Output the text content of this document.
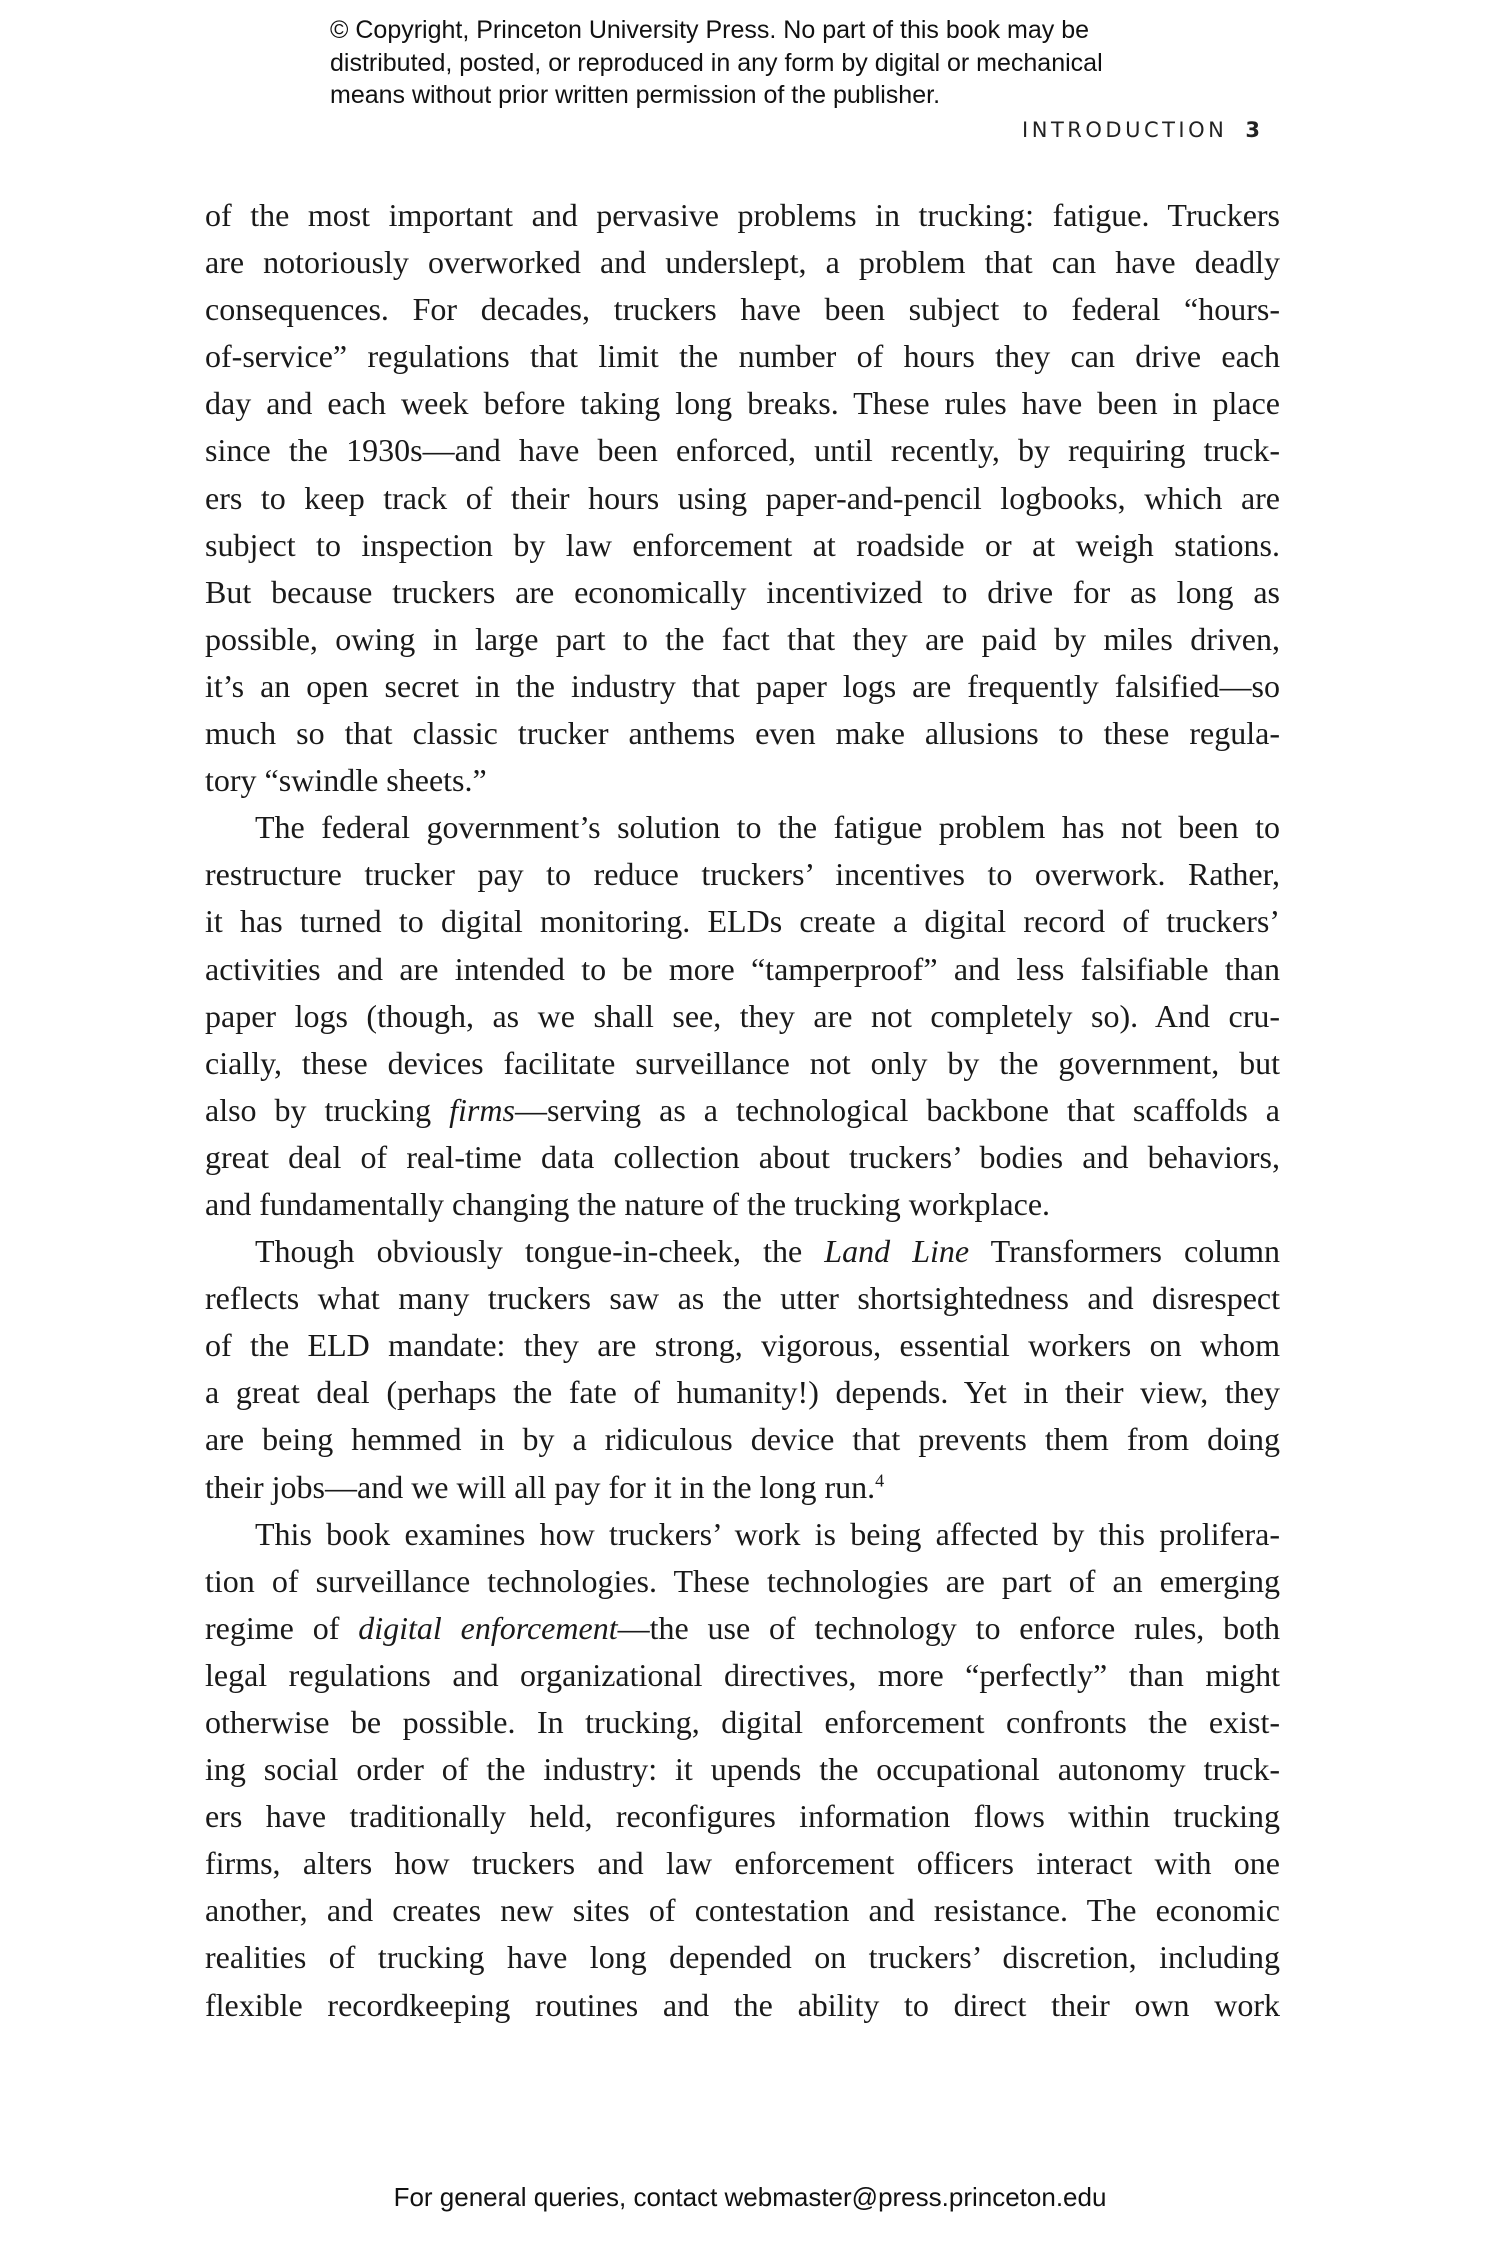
© Copyright, Princeton University Press. No part of this book may be
distributed, posted, or reproduced in any form by digital or mechanical
means without prior written permission of the publisher.
INTRODUCTION 3
of the most important and pervasive problems in trucking: fatigue. Truckers
are notoriously overworked and underslept, a problem that can have deadly
consequences. For decades, truckers have been subject to federal “hours-
of-service” regulations that limit the number of hours they can drive each
day and each week before taking long breaks. These rules have been in place
since the 1930s—and have been enforced, until recently, by requiring truck-
ers to keep track of their hours using paper-and-pencil logbooks, which are
subject to inspection by law enforcement at roadside or at weigh stations.
But because truckers are economically incentivized to drive for as long as
possible, owing in large part to the fact that they are paid by miles driven,
it’s an open secret in the industry that paper logs are frequently falsified—so
much so that classic trucker anthems even make allusions to these regula-
tory “swindle sheets.”
The federal government’s solution to the fatigue problem has not been to
restructure trucker pay to reduce truckers’ incentives to overwork. Rather,
it has turned to digital monitoring. ELDs create a digital record of truckers’
activities and are intended to be more “tamperproof” and less falsifiable than
paper logs (though, as we shall see, they are not completely so). And cru-
cially, these devices facilitate surveillance not only by the government, but
also by trucking firms—serving as a technological backbone that scaffolds a
great deal of real-time data collection about truckers’ bodies and behaviors,
and fundamentally changing the nature of the trucking workplace.
Though obviously tongue-in-cheek, the Land Line Transformers column
reflects what many truckers saw as the utter shortsightedness and disrespect
of the ELD mandate: they are strong, vigorous, essential workers on whom
a great deal (perhaps the fate of humanity!) depends. Yet in their view, they
are being hemmed in by a ridiculous device that prevents them from doing
their jobs—and we will all pay for it in the long run.$^4$
This book examines how truckers’ work is being affected by this prolifera-
tion of surveillance technologies. These technologies are part of an emerging
regime of digital enforcement—the use of technology to enforce rules, both
legal regulations and organizational directives, more “perfectly” than might
otherwise be possible. In trucking, digital enforcement confronts the exist-
ing social order of the industry: it upends the occupational autonomy truck-
ers have traditionally held, reconfigures information flows within trucking
firms, alters how truckers and law enforcement officers interact with one
another, and creates new sites of contestation and resistance. The economic
realities of trucking have long depended on truckers’ discretion, including
flexible recordkeeping routines and the ability to direct their own work
For general queries, contact webmaster@press.princeton.edu
